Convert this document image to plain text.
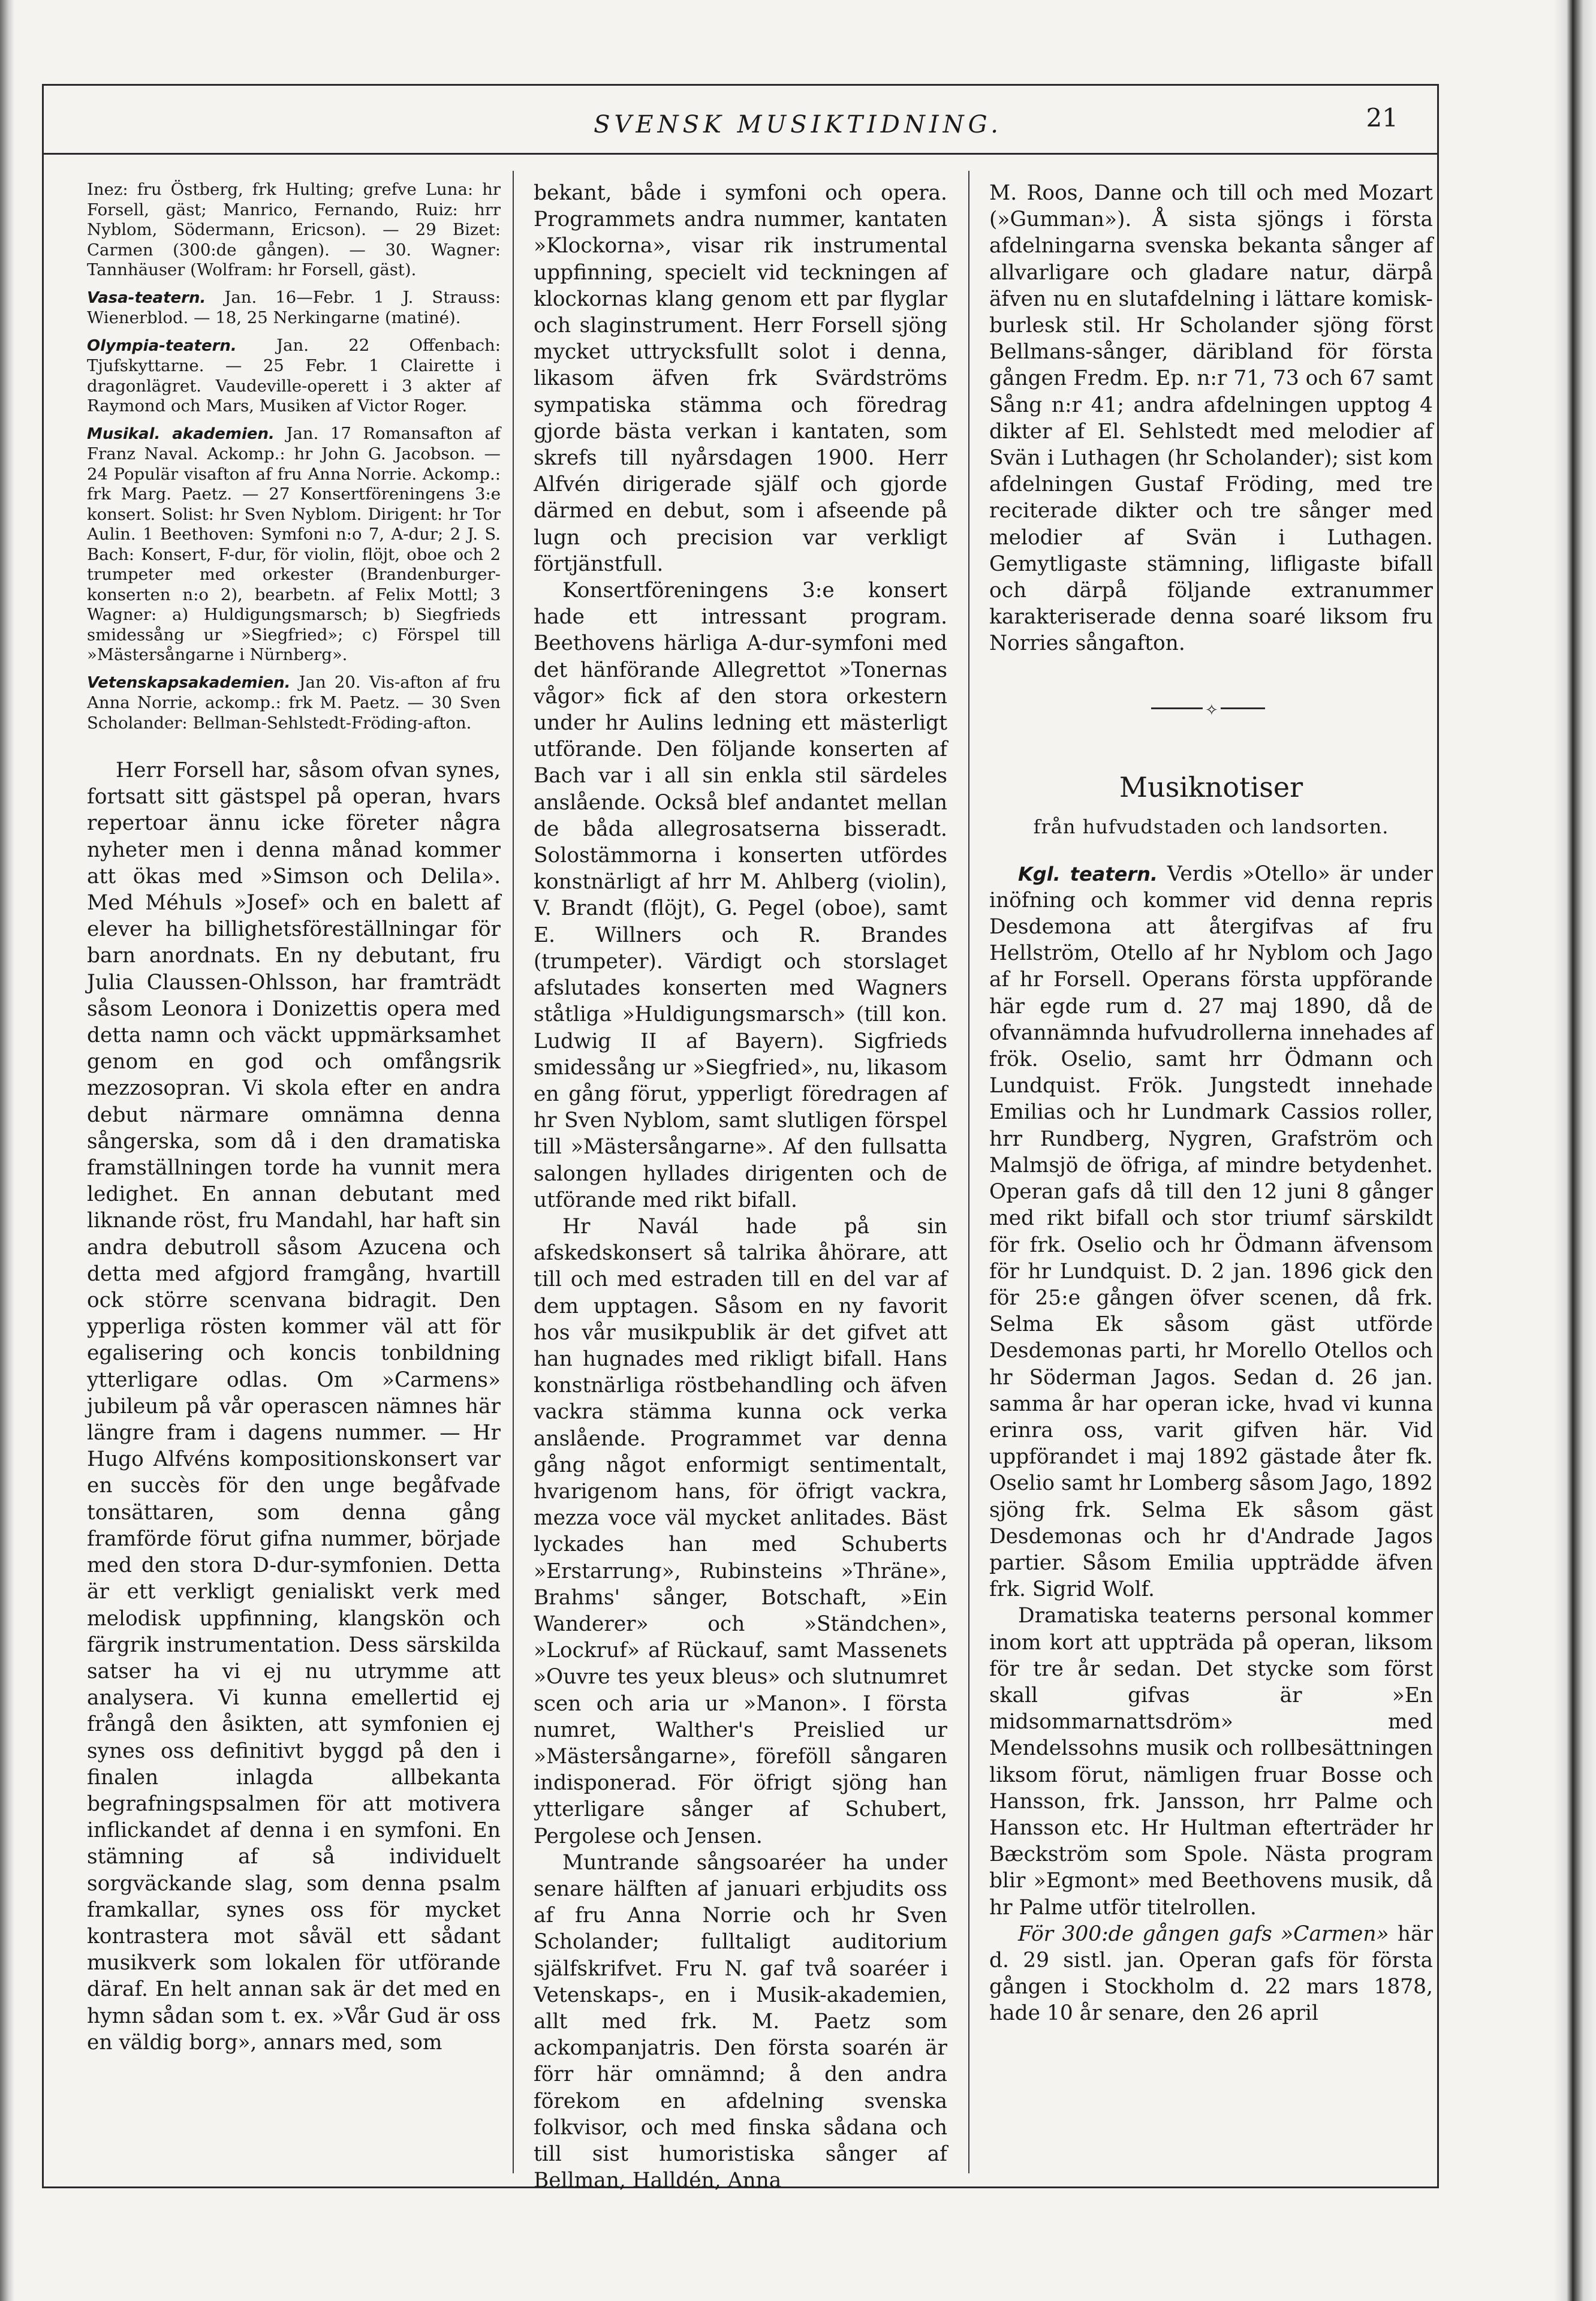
SVENSK MUSIKTIDNING.	21

Inez: fru Östberg, frk Hulting; grefve Luna: hr Forsell, gäst; Manrico, Fernando, Ruiz: hrr Nyblom, Södermann, Ericson). — 29 Bizet: Carmen (300:de gången). — 30. Wagner: Tannhäuser (Wolfram: hr Forsell, gäst).

Vasa-teatern. Jan. 16—Febr. 1 J. Strauss: Wienerblod. — 18, 25 Nerkingarne (matiné).

Olympia-teatern. Jan. 22 Offenbach: Tjufskyttarne. — 25 Febr. 1 Clairette i dragonlägret. Vaudeville-operett i 3 akter af Raymond och Mars, Musiken af Victor Roger.

Musikal. akademien. Jan. 17 Romansafton af Franz Naval. Ackomp.: hr John G. Jacobson. — 24 Populär visafton af fru Anna Norrie. Ackomp.: frk Marg. Paetz. — 27 Konsertföreningens 3:e konsert. Solist: hr Sven Nyblom. Dirigent: hr Tor Aulin. 1 Beethoven: Symfoni n:o 7, A-dur; 2 J. S. Bach: Konsert, F-dur, för violin, flöjt, oboe och 2 trumpeter med orkester (Brandenburger-konserten n:o 2), bearbetn. af Felix Mottl; 3 Wagner: a) Huldigungsmarsch; b) Siegfrieds smidessång ur »Siegfried»; c) Förspel till »Mästersångarne i Nürnberg».

Vetenskapsakademien. Jan 20. Vis-afton af fru Anna Norrie, ackomp.: frk M. Paetz. — 30 Sven Scholander: Bellman-Sehlstedt-Fröding-afton.

Herr Forsell har, såsom ofvan synes, fortsatt sitt gästspel på operan, hvars repertoar ännu icke företer några nyheter men i denna månad kommer att ökas med »Simson och Delila». Med Méhuls »Josef» och en balett af elever ha billighetsföreställningar för barn anordnats. En ny debutant, fru Julia Claussen-Ohlsson, har framträdt såsom Leonora i Donizettis opera med detta namn och väckt uppmärksamhet genom en god och omfångsrik mezzosopran. Vi skola efter en andra debut närmare omnämna denna sångerska, som då i den dramatiska framställningen torde ha vunnit mera ledighet. En annan debutant med liknande röst, fru Mandahl, har haft sin andra debutroll såsom Azucena och detta med afgjord framgång, hvartill ock större scenvana bidragit. Den ypperliga rösten kommer väl att för egalisering och koncis tonbildning ytterligare odlas. Om »Carmens» jubileum på vår operascen nämnes här längre fram i dagens nummer. — Hr Hugo Alfvéns kompositionskonsert var en succès för den unge begåfvade tonsättaren, som denna gång framförde förut gifna nummer, började med den stora D-dur-symfonien. Detta är ett verkligt genialiskt verk med melodisk uppfinning, klangskön och färgrik instrumentation. Dess särskilda satser ha vi ej nu utrymme att analysera. Vi kunna emellertid ej frångå den åsikten, att symfonien ej synes oss definitivt byggd på den i finalen inlagda allbekanta begrafningspsalmen för att motivera inflickandet af denna i en symfoni. En stämning af så individuelt sorgväckande slag, som denna psalm framkallar, synes oss för mycket kontrastera mot såväl ett sådant musikverk som lokalen för utförande däraf. En helt annan sak är det med en hymn sådan som t. ex. »Vår Gud är oss en väldig borg», annars med, som

bekant, både i symfoni och opera. Programmets andra nummer, kantaten »Klockorna», visar rik instrumental uppfinning, specielt vid teckningen af klockornas klang genom ett par flyglar och slaginstrument. Herr Forsell sjöng mycket uttrycksfullt solot i denna, likasom äfven frk Svärdströms sympatiska stämma och föredrag gjorde bästa verkan i kantaten, som skrefs till nyårsdagen 1900. Herr Alfvén dirigerade själf och gjorde därmed en debut, som i afseende på lugn och precision var verkligt förtjänstfull.

Konsertföreningens 3:e konsert hade ett intressant program. Beethovens härliga A-dur-symfoni med det hänförande Allegrettot »Tonernas vågor» fick af den stora orkestern under hr Aulins ledning ett mästerligt utförande. Den följande konserten af Bach var i all sin enkla stil särdeles anslående. Också blef andantet mellan de båda allegrosatserna bisseradt. Solostämmorna i konserten utfördes konstnärligt af hrr M. Ahlberg (violin), V. Brandt (flöjt), G. Pegel (oboe), samt E. Willners och R. Brandes (trumpeter). Värdigt och storslaget afslutades konserten med Wagners ståtliga »Huldigungsmarsch» (till kon. Ludwig II af Bayern). Sigfrieds smidessång ur »Siegfried», nu, likasom en gång förut, ypperligt föredragen af hr Sven Nyblom, samt slutligen förspel till »Mästersångarne». Af den fullsatta salongen hyllades dirigenten och de utförande med rikt bifall.

Hr Navál hade på sin afskedskonsert så talrika åhörare, att till och med estraden till en del var af dem upptagen. Såsom en ny favorit hos vår musikpublik är det gifvet att han hugnades med rikligt bifall. Hans konstnärliga röstbehandling och äfven vackra stämma kunna ock verka anslående. Programmet var denna gång något enformigt sentimentalt, hvarigenom hans, för öfrigt vackra, mezza voce väl mycket anlitades. Bäst lyckades han med Schuberts »Erstarrung», Rubinsteins »Thräne», Brahms' sånger, Botschaft, »Ein Wanderer» och »Ständchen», »Lockruf» af Rückauf, samt Massenets »Ouvre tes yeux bleus» och slutnumret scen och aria ur »Manon». I första numret, Walther's Preislied ur »Mästersångarne», föreföll sångaren indisponerad. För öfrigt sjöng han ytterligare sånger af Schubert, Pergolese och Jensen.

Muntrande sångsoaréer ha under senare hälften af januari erbjudits oss af fru Anna Norrie och hr Sven Scholander; fulltaligt auditorium själfskrifvet. Fru N. gaf två soaréer i Vetenskaps-, en i Musik-akademien, allt med frk. M. Paetz som ackompanjatris. Den första soarén är förr här omnämnd; å den andra förekom en afdelning svenska folkvisor, och med finska sådana och till sist humoristiska sånger af Bellman, Halldén, Anna

M. Roos, Danne och till och med Mozart (»Gumman»). Å sista sjöngs i första afdelningarna svenska bekanta sånger af allvarligare och gladare natur, därpå äfven nu en slutafdelning i lättare komisk-burlesk stil. Hr Scholander sjöng först Bellmans-sånger, däribland för första gången Fredm. Ep. n:r 71, 73 och 67 samt Sång n:r 41; andra afdelningen upptog 4 dikter af El. Sehlstedt med melodier af Svän i Luthagen (hr Scholander); sist kom afdelningen Gustaf Fröding, med tre reciterade dikter och tre sånger med melodier af Svän i Luthagen. Gemytligaste stämning, lifligaste bifall och därpå följande extranummer karakteriserade denna soaré liksom fru Norries sångafton.

✧
Musiknotiser
från hufvudstaden och landsorten.

Kgl. teatern. Verdis »Otello» är under inöfning och kommer vid denna repris Desdemona att återgifvas af fru Hellström, Otello af hr Nyblom och Jago af hr Forsell. Operans första uppförande här egde rum d. 27 maj 1890, då de ofvannämnda hufvudrollerna innehades af frök. Oselio, samt hrr Ödmann och Lundquist. Frök. Jungstedt innehade Emilias och hr Lundmark Cassios roller, hrr Rundberg, Nygren, Grafström och Malmsjö de öfriga, af mindre betydenhet. Operan gafs då till den 12 juni 8 gånger med rikt bifall och stor triumf särskildt för frk. Oselio och hr Ödmann äfvensom för hr Lundquist. D. 2 jan. 1896 gick den för 25:e gången öfver scenen, då frk. Selma Ek såsom gäst utförde Desdemonas parti, hr Morello Otellos och hr Söderman Jagos. Sedan d. 26 jan. samma år har operan icke, hvad vi kunna erinra oss, varit gifven här. Vid uppförandet i maj 1892 gästade åter fk. Oselio samt hr Lomberg såsom Jago, 1892 sjöng frk. Selma Ek såsom gäst Desdemonas och hr d'Andrade Jagos partier. Såsom Emilia uppträdde äfven frk. Sigrid Wolf.

Dramatiska teaterns personal kommer inom kort att uppträda på operan, liksom för tre år sedan. Det stycke som först skall gifvas är »En midsommarnattsdröm» med Mendelssohns musik och rollbesättningen liksom förut, nämligen fruar Bosse och Hansson, frk. Jansson, hrr Palme och Hansson etc. Hr Hultman efterträder hr Bæckström som Spole. Nästa program blir »Egmont» med Beethovens musik, då hr Palme utför titelrollen.

För 300:de gången gafs »Carmen» här d. 29 sistl. jan. Operan gafs för första gången i Stockholm d. 22 mars 1878, hade 10 år senare, den 26 april
